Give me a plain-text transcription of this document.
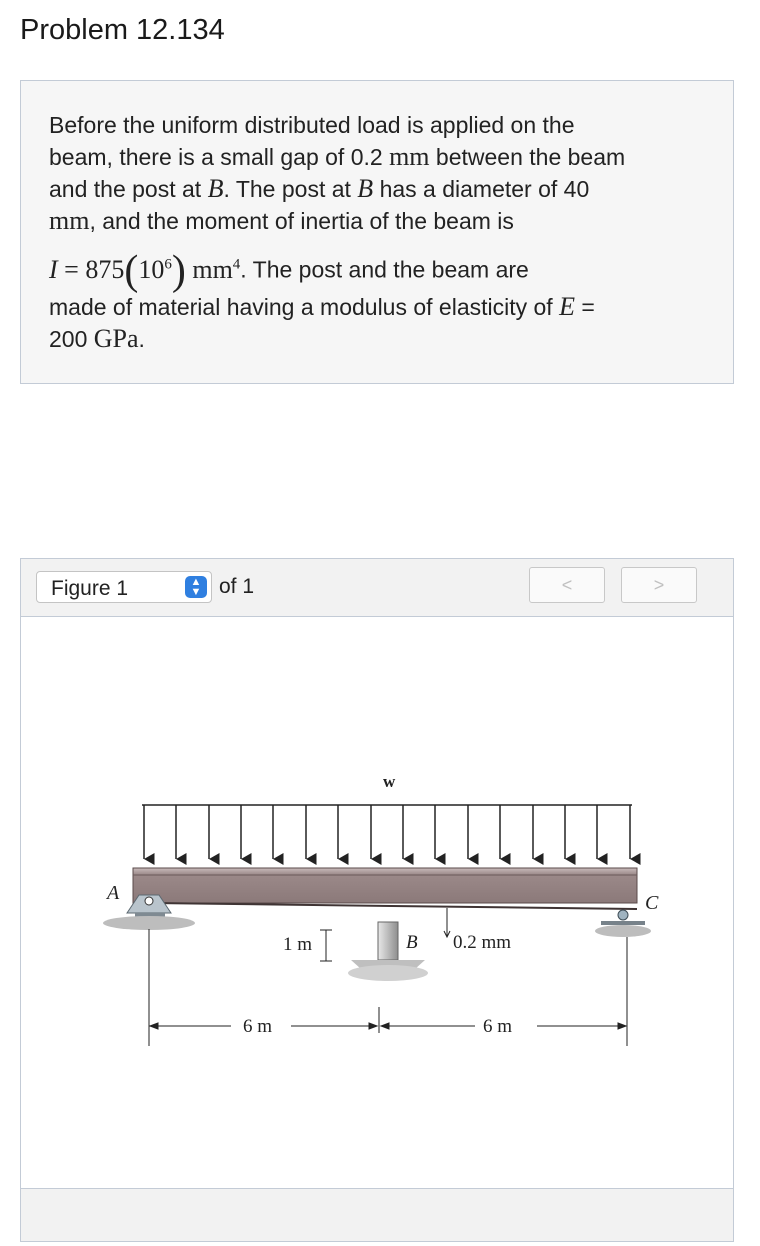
Problem 12.134
Before the uniform distributed load is applied on the
beam, there is a small gap of 0.2 mm between the beam
and the post at B. The post at B has a diameter of 40
mm, and the moment of inertia of the beam is
$I = 875(10^6)$ $mm^4$. The post and the beam are
made of material having a modulus of elasticity of E =
200 GPa.
Figure 1	▲
▼ of 1	<	>
w
A	C
B 0.2 mm
1 m
6 m	6 m
